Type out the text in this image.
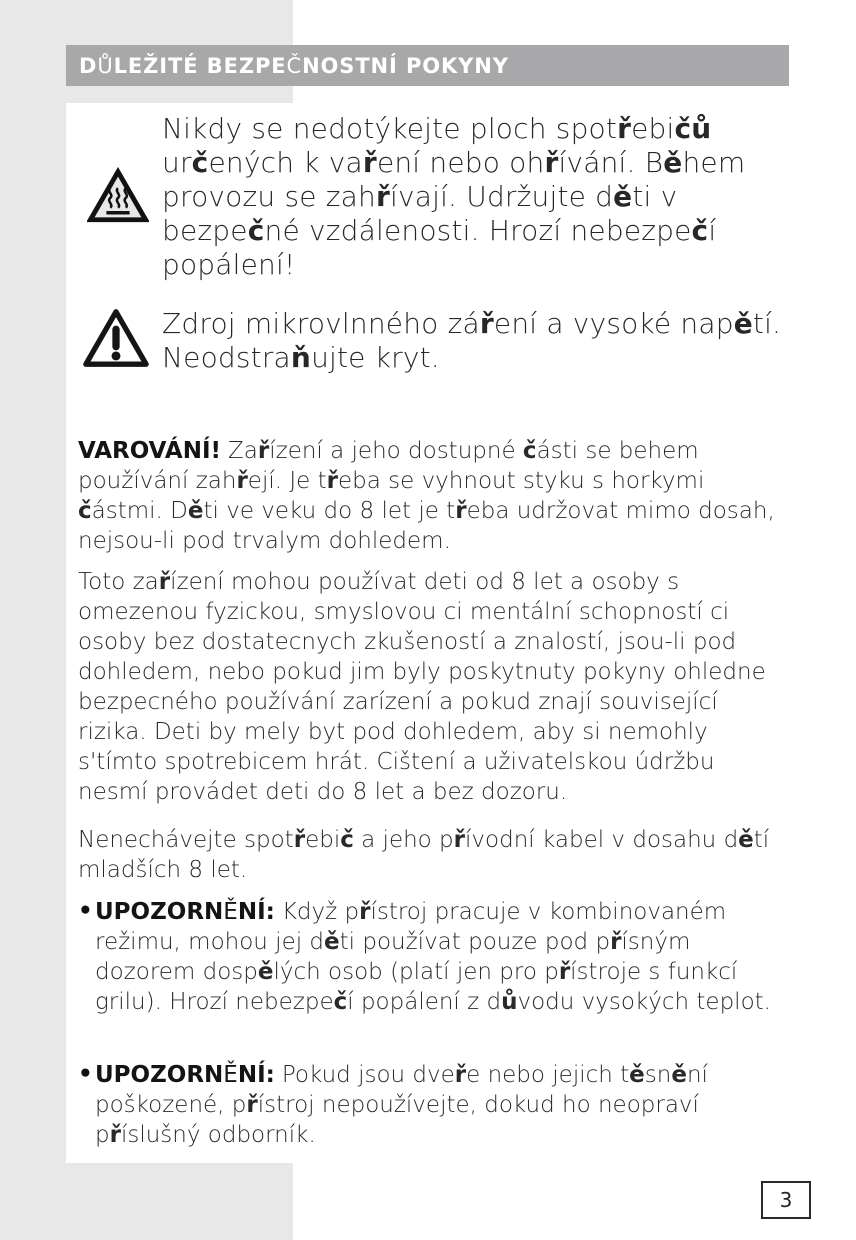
DŮLEŽITÉ BEZPEČNOSTNÍ POKYNY
Nikdy se nedotýkejte ploch spotřebičů určených k vaření nebo ohřívání. Během provozu se zahřívají. Udržujte děti v bezpečné vzdálenosti. Hrozí nebezpečí popálení!
Zdroj mikrovlnného záření a vysoké napětí. Neodstraňujte kryt.
VAROVÁNÍ! Zařízení a jeho dostupné části se behem používání zahřejí. Je třeba se vyhnout styku s horkymi částmi. Děti ve veku do 8 let je třeba udržovat mimo dosah, nejsou-li pod trvalym dohledem.
Toto zařízení mohou používat deti od 8 let a osoby s omezenou fyzickou, smyslovou ci mentální schopností ci osoby bez dostatecnych zkušeností a znalostí, jsou-li pod dohledem, nebo pokud jim byly poskytnuty pokyny ohledne bezpecného používání zarízení a pokud znají související rizika. Deti by mely byt pod dohledem, aby si nemohly s'tímto spotrebicem hrát. Cištení a uživatelskou údržbu nesmí provádet deti do 8 let a bez dozoru.
Nenechávejte spotřebič a jeho přívodní kabel v dosahu dětí mladších 8 let.
• UPOZORNĚNÍ: Když přístroj pracuje v kombinovaném režimu, mohou jej děti používat pouze pod přísným dozorem dospělých osob (platí jen pro přístroje s funkcí grilu). Hrozí nebezpečí popálení z důvodu vysokých teplot.
• UPOZORNĚNÍ: Pokud jsou dveře nebo jejich těsnění poškozené, přístroj nepoužívejte, dokud ho neopraví příslušný odborník.
3
